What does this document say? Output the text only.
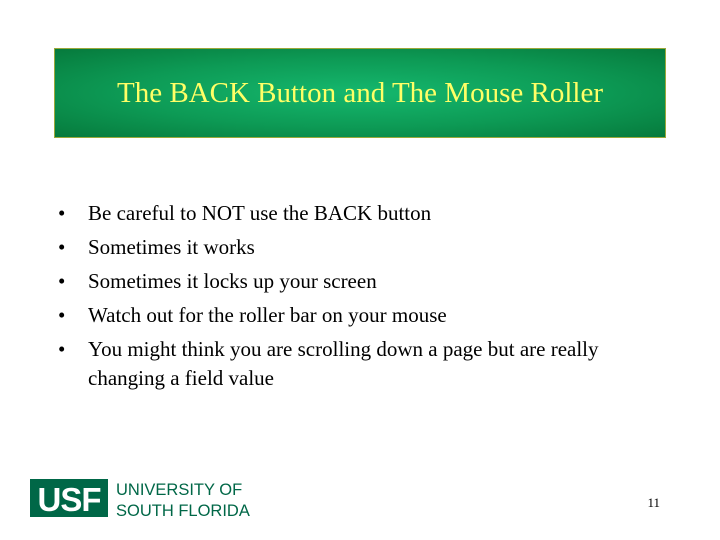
The BACK Button and The Mouse Roller
• Be careful to NOT use the BACK button
• Sometimes it works
• Sometimes it locks up your screen
• Watch out for the roller bar on your mouse
• You might think you are scrolling down a page but are really changing a field value
USF UNIVERSITY OF
SOUTH FLORIDA	11
